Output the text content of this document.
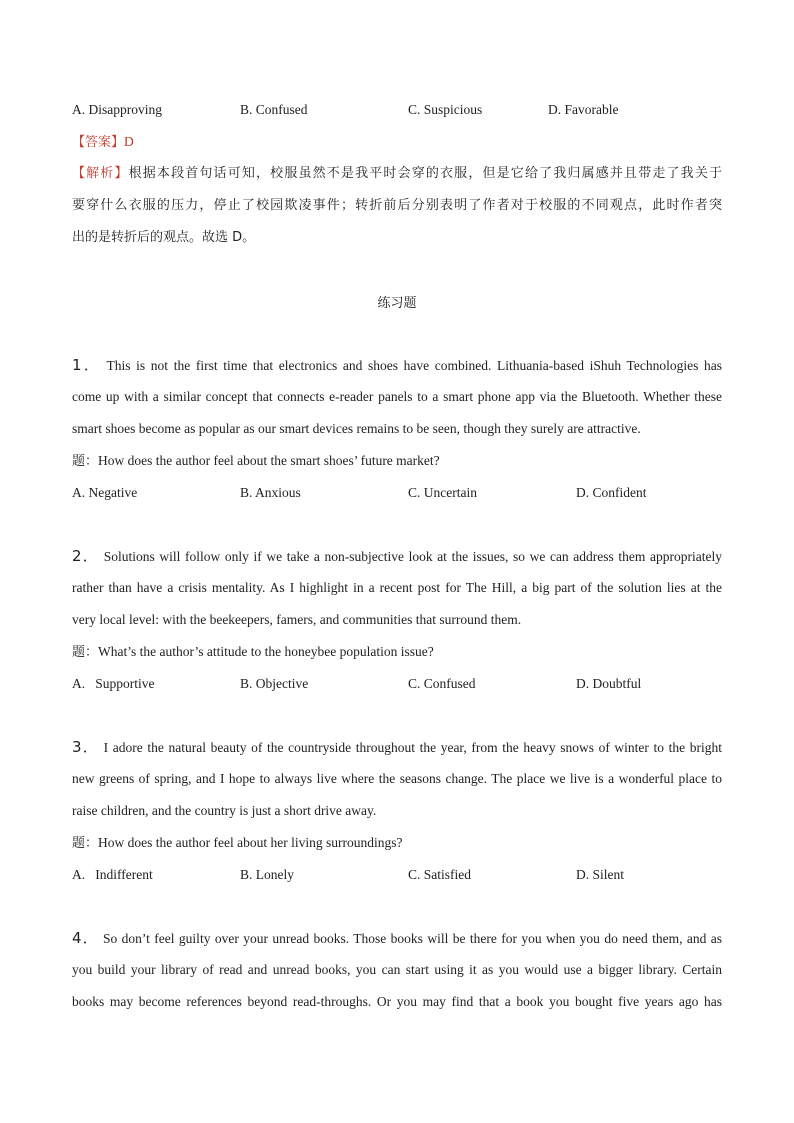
A. Disapproving	B. Confused	C. Suspicious	D. Favorable
【答案】D
【解析】根据本段首句话可知，校服虽然不是我平时会穿的衣服，但是它给了我归属感并且带走了我关于
要穿什么衣服的压力，停止了校园欺凌事件；转折前后分别表明了作者对于校服的不同观点，此时作者突
出的是转折后的观点。故选 D。
练习题
1． This is not the first time that electronics and shoes have combined. Lithuania-based iShuh Technologies has
come up with a similar concept that connects e-reader panels to a smart phone app via the Bluetooth. Whether these
smart shoes become as popular as our smart devices remains to be seen, though they surely are attractive.
题：How does the author feel about the smart shoes’ future market?
A. Negative	B. Anxious	C. Uncertain	D. Confident
2． Solutions will follow only if we take a non-subjective look at the issues, so we can address them appropriately
rather than have a crisis mentality. As I highlight in a recent post for The Hill, a big part of the solution lies at the
very local level: with the beekeepers, famers, and communities that surround them.
题：What’s the author’s attitude to the honeybee population issue?
A.   Supportive	B. Objective	C. Confused	D. Doubtful
3． I adore the natural beauty of the countryside throughout the year, from the heavy snows of winter to the bright
new greens of spring, and I hope to always live where the seasons change. The place we live is a wonderful place to
raise children, and the country is just a short drive away.
题：How does the author feel about her living surroundings?
A.   Indifferent	B. Lonely	C. Satisfied	D. Silent
4． So don’t feel guilty over your unread books. Those books will be there for you when you do need them, and as
you build your library of read and unread books, you can start using it as you would use a bigger library. Certain
books may become references beyond read-throughs. Or you may find that a book you bought five years ago has
